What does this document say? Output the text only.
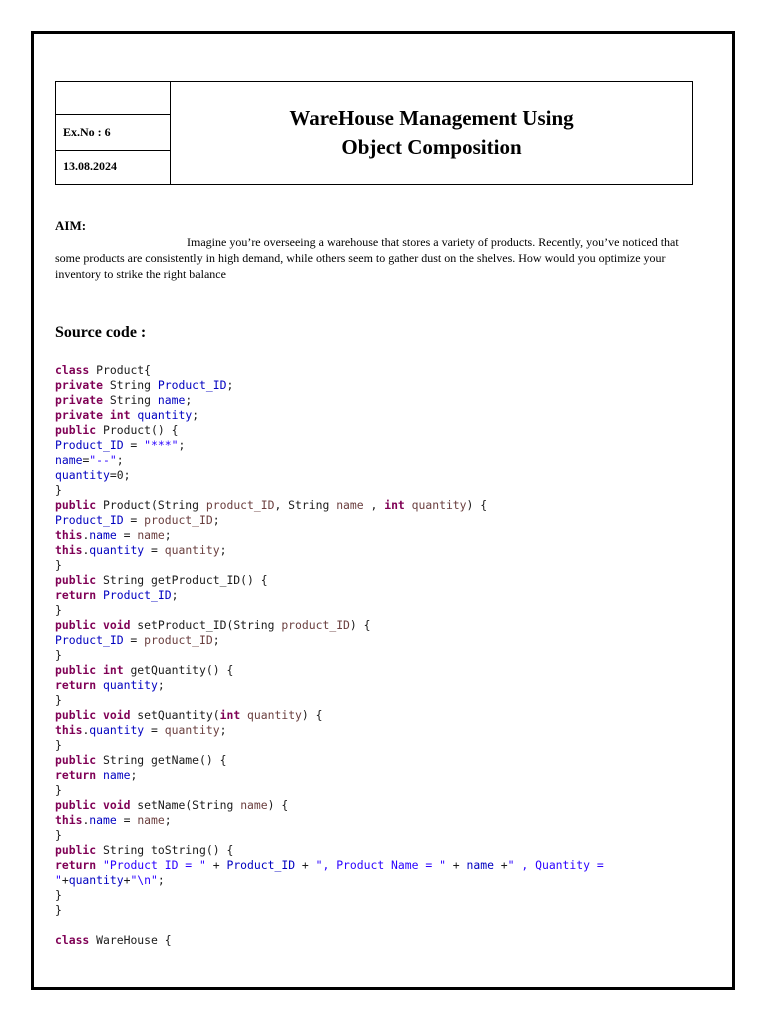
Ex.No : 6
13.08.2024
WareHouse Management Using
Object Composition
AIM:

Imagine you’re overseeing a warehouse that stores a variety of products. Recently, you’ve noticed that some products are consistently in high demand, while others seem to gather dust on the shelves. How would you optimize your inventory to strike the right balance

Source code :
class Product{
private String Product_ID;
private String name;
private int quantity;
public Product() {
Product_ID = "***";
name="--";
quantity=0;
}
public Product(String product_ID, String name , int quantity) {
Product_ID = product_ID;
this.name = name;
this.quantity = quantity;
}
public String getProduct_ID() {
return Product_ID;
}
public void setProduct_ID(String product_ID) {
Product_ID = product_ID;
}
public int getQuantity() {
return quantity;
}
public void setQuantity(int quantity) {
this.quantity = quantity;
}
public String getName() {
return name;
}
public void setName(String name) {
this.name = name;
}
public String toString() {
return "Product ID = " + Product_ID + ", Product Name = " + name +" , Quantity =
"+quantity+"\n";
}
}

class WareHouse {
